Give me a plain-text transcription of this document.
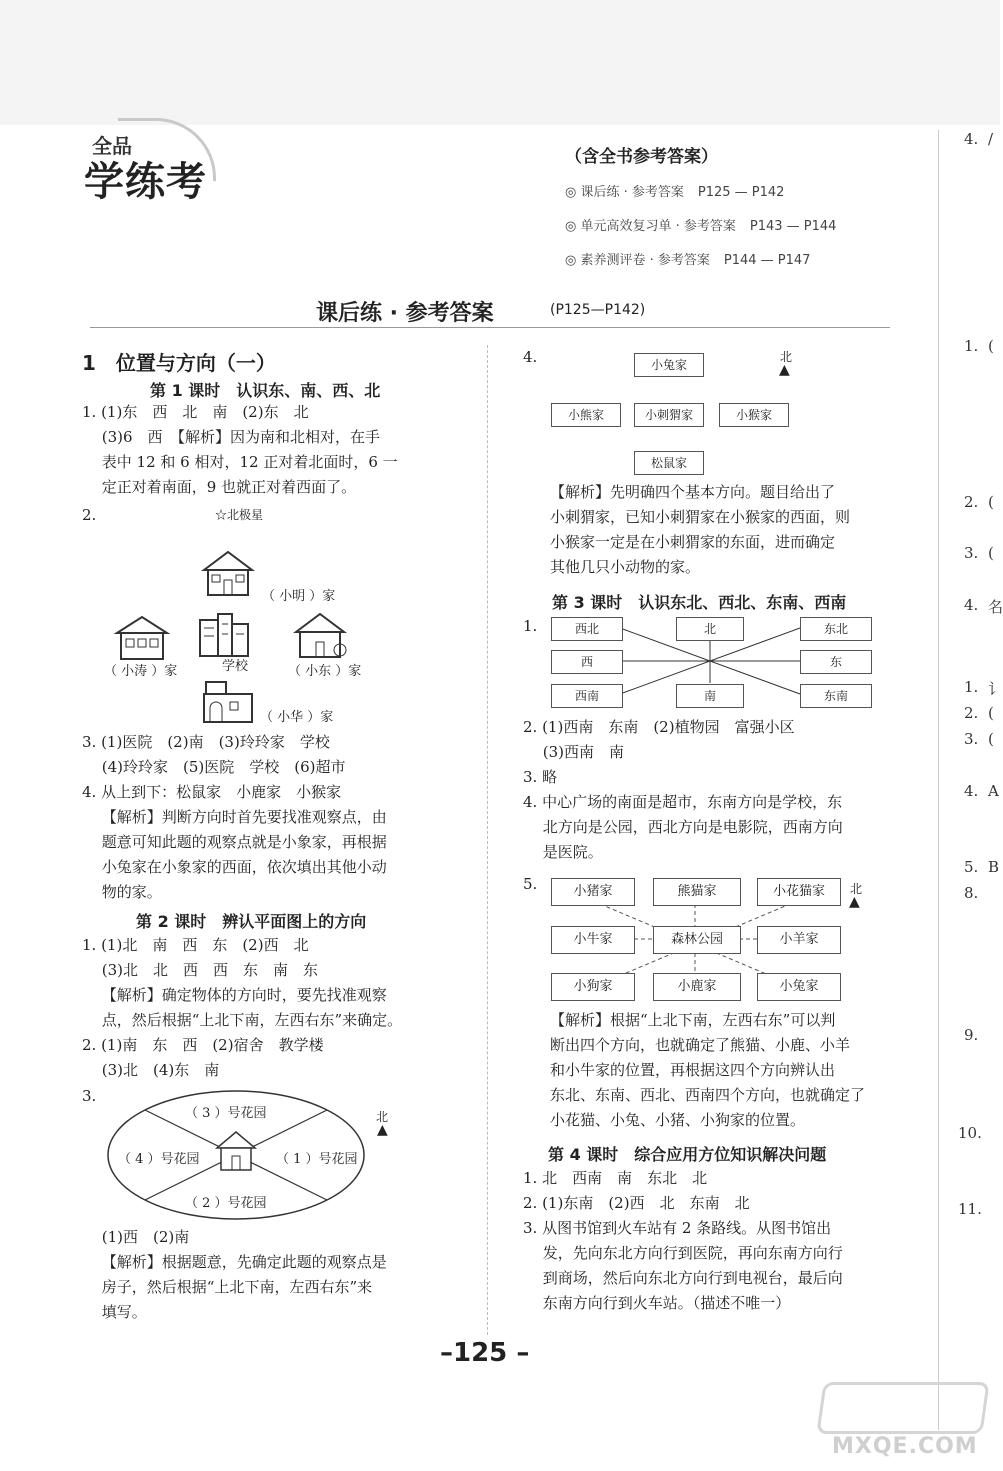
全品
学练考
（含全书参考答案）
◎ 课后练 · 参考答案 P125 — P142
◎ 单元高效复习单 · 参考答案 P143 — P144
◎ 素养测评卷 · 参考答案 P144 — P147
课后练 · 参考答案	(P125—P142)
1　位置与方向（一）
第 1 课时　认识东、南、西、北
1. (1)东　西　北　南　(2)东　北
　 (3)6　西　【解析】因为南和北相对，在手
　 表中 12 和 6 相对，12 正对着北面时，6 一
　 定正对着南面，9 也就正对着西面了。
2.	☆北极星
（ 小明 ）家
（ 小涛 ）家	学校	（ 小东 ）家
（ 小华 ）家
3. (1)医院　(2)南　(3)玲玲家　学校
　 (4)玲玲家　(5)医院　学校　(6)超市
4. 从上到下：松鼠家　小鹿家　小猴家
　 【解析】判断方向时首先要找准观察点，由
　 题意可知此题的观察点就是小象家，再根据
　 小兔家在小象家的西面，依次填出其他小动
　 物的家。
第 2 课时　辨认平面图上的方向
1. (1)北　南　西　东　(2)西　北
　 (3)北　北　西　西　东　南　东
　 【解析】确定物体的方向时，要先找准观察
　 点，然后根据“上北下南，左西右东”来确定。
2. (1)南　东　西　(2)宿舍　教学楼
　 (3)北　(4)东　南
3.
（ 3 ）号花园
（ 4 ）号花园	（ 1 ）号花园
（ 2 ）号花园
北
▲
　 (1)西　(2)南
　 【解析】根据题意，先确定此题的观察点是
　 房子，然后根据“上北下南，左西右东”来
　 填写。
4.	小兔家
北
▲
小熊家	小刺猬家	小猴家
松鼠家
【解析】先明确四个基本方向。题目给出了
小刺猬家，已知小刺猬家在小猴家的西面，则
小猴家一定是在小刺猬家的东面，进而确定
其他几只小动物的家。
第 3 课时　认识东北、西北、东南、西南
1.	西北	北	东北
西	东
西南	南	东南
2. (1)西南　东南　(2)植物园　富强小区
　 (3)西南　南
3. 略
4. 中心广场的南面是超市，东南方向是学校，东
　 北方向是公园，西北方向是电影院，西南方向
　 是医院。
5.	小猪家	熊猫家	小花猫家	北
▲
小牛家	森林公园	小羊家
小狗家	小鹿家	小兔家
【解析】根据“上北下南，左西右东”可以判
断出四个方向，也就确定了熊猫、小鹿、小羊
和小牛家的位置，再根据这四个方向辨认出
东北、东南、西北、西南四个方向，也就确定了
小花猫、小兔、小猪、小狗家的位置。
第 4 课时　综合应用方位知识解决问题
1. 北　西南　南　东北　北
2. (1)东南　(2)西　北　东南　北
3. 从图书馆到火车站有 2 条路线。从图书馆出
　 发，先向东北方向行到医院，再向东南方向行
　 到商场，然后向东北方向行到电视台，最后向
　 东南方向行到火车站。（描述不唯一）
–125 –
4. /
1. (
2. (
3. (
4. 名
1. 讠
2. (
3. (
4. A
5. B
8.
9.
10.
11.
MXQE.COM
